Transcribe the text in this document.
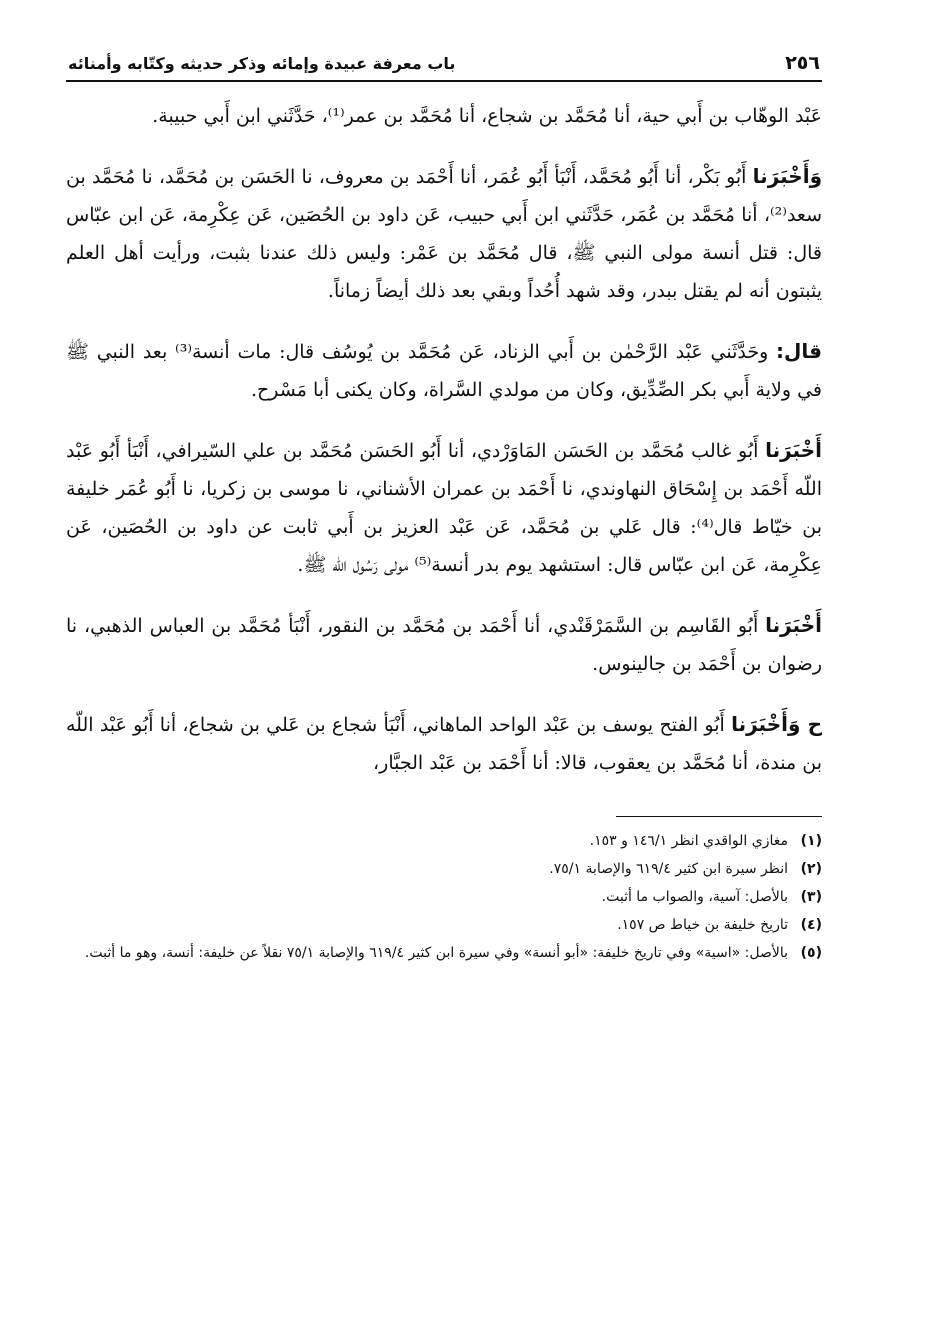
٢٥٦
باب معرفة عبيدة وإمائه وذكر حديثه وكتّابه وأمنائه

عَبْد الوهّاب بن أَبي حية، أنا مُحَمَّد بن شجاع، أنا مُحَمَّد بن عمر⁽¹⁾، حَدَّثَني ابن أَبي حبيبة.

وَأَخْبَرَنا أَبُو بَكْر، أنا أَبُو مُحَمَّد، أَنْبَأ أَبُو عُمَر، أنا أَحْمَد بن معروف، نا الحَسَن بن مُحَمَّد، نا مُحَمَّد بن سعد⁽²⁾، أنا مُحَمَّد بن عُمَر، حَدَّثَني ابن أَبي حبيب، عَن داود بن الحُصَين، عَن عِكْرِمة، عَن ابن عبّاس قال: قتل أنسة مولى النبي ﷺ، قال مُحَمَّد بن عَمْر: وليس ذلك عندنا بثبت، ورأيت أهل العلم يثبتون أنه لم يقتل ببدر، وقد شهد أُحُداً وبقي بعد ذلك أيضاً زماناً.

قال: وحَدَّثَني عَبْد الرَّحْمٰن بن أَبي الزناد، عَن مُحَمَّد بن يُوسُف قال: مات أنسة⁽³⁾ بعد النبي ﷺ في ولاية أَبي بكر الصِّدِّيق، وكان من مولدي السَّراة، وكان يكنى أبا مَسْرح.

أَخْبَرَنا أَبُو غالب مُحَمَّد بن الحَسَن المَاوَرْدي، أنا أَبُو الحَسَن مُحَمَّد بن علي السّيرافي، أَنْبَأ أَبُو عَبْد اللّه أَحْمَد بن إِسْحَاق النهاوندي، نا أَحْمَد بن عمران الأشناني، نا موسى بن زكريا، نا أَبُو عُمَر خليفة بن خيّاط قال⁽⁴⁾: قال عَلي بن مُحَمَّد، عَن عَبْد العزيز بن أَبي ثابت عن داود بن الحُصَين، عَن عِكْرِمة، عَن ابن عبّاس قال: استشهد يوم بدر أنسة⁽⁵⁾ مولى رَسُول اللّه ﷺ.

أَخْبَرَنا أَبُو القَاسِم بن السَّمَرْقَنْدي، أنا أَحْمَد بن مُحَمَّد بن النقور، أَنْبَأ مُحَمَّد بن العباس الذهبي، نا رضوان بن أَحْمَد بن جالينوس.

ح وَأَخْبَرَنا أَبُو الفتح يوسف بن عَبْد الواحد الماهاني، أَنْبَأ شجاع بن عَلي بن شجاع، أنا أَبُو عَبْد اللّه بن مندة، أنا مُحَمَّد بن يعقوب، قالا: أنا أَحْمَد بن عَبْد الجبَّار،

(١)
مغازي الواقدي انظر ١٤٦/١ و ١٥٣.
(٢)
انظر سيرة ابن كثير ٦١٩/٤ والإصابة ٧٥/١.
(٣)
بالأصل: آسية، والصواب ما أثبت.
(٤)
تاريخ خليفة بن خياط ص ١٥٧.
(٥)
بالأصل: «اسية» وفي تاريخ خليفة: «أبو أنسة» وفي سيرة ابن كثير ٦١٩/٤ والإصابة ٧٥/١ نقلاً عن خليفة: أنسة، وهو ما أثبت.
